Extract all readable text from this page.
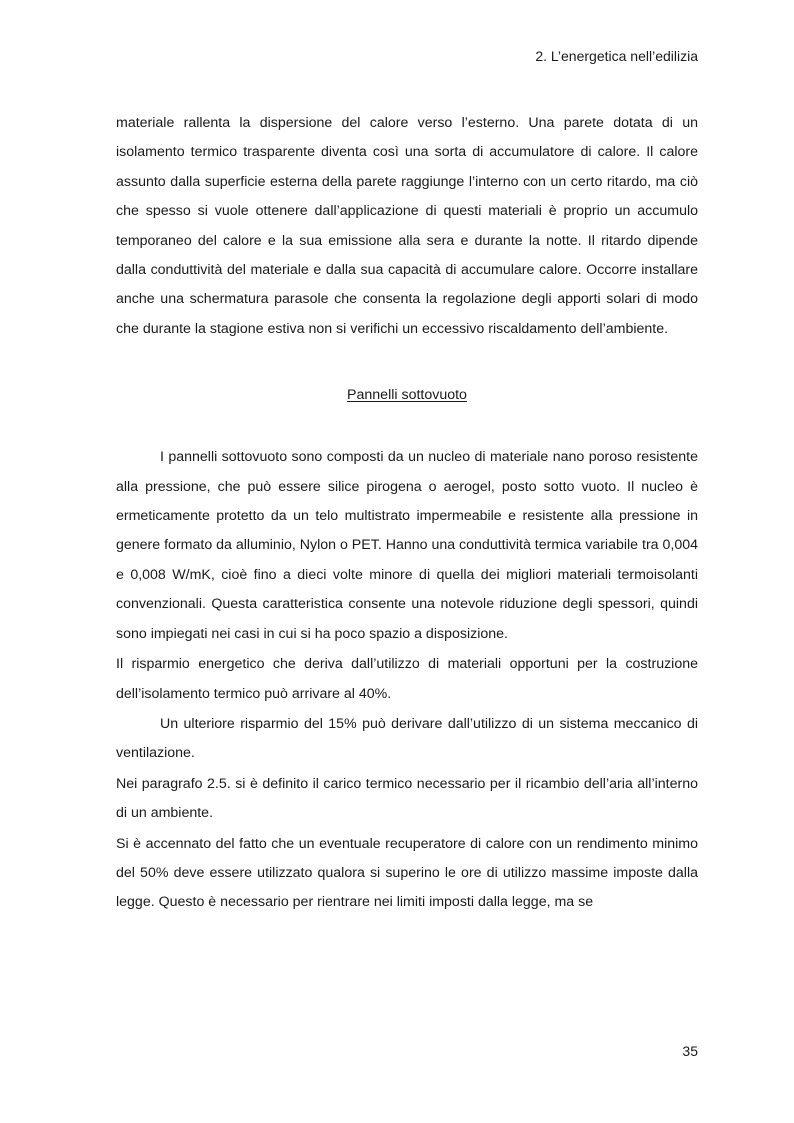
2. L’energetica nell’edilizia

materiale rallenta la dispersione del calore verso l’esterno. Una parete dotata di un isolamento termico trasparente diventa così una sorta di accumulatore di calore. Il calore assunto dalla superficie esterna della parete raggiunge l’interno con un certo ritardo, ma ciò che spesso si vuole ottenere dall’applicazione di questi materiali è proprio un accumulo temporaneo del calore e la sua emissione alla sera e durante la notte. Il ritardo dipende dalla conduttività del materiale e dalla sua capacità di accumulare calore. Occorre installare anche una schermatura parasole che consenta la regolazione degli apporti solari di modo che durante la stagione estiva non si verifichi un eccessivo riscaldamento dell’ambiente.

Pannelli sottovuoto

I pannelli sottovuoto sono composti da un nucleo di materiale nano poroso resistente alla pressione, che può essere silice pirogena o aerogel, posto sotto vuoto. Il nucleo è ermeticamente protetto da un telo multistrato impermeabile e resistente alla pressione in genere formato da alluminio, Nylon o PET. Hanno una conduttività termica variabile tra 0,004 e 0,008 W/mK, cioè fino a dieci volte minore di quella dei migliori materiali termoisolanti convenzionali. Questa caratteristica consente una notevole riduzione degli spessori, quindi sono impiegati nei casi in cui si ha poco spazio a disposizione.

Il risparmio energetico che deriva dall’utilizzo di materiali opportuni per la costruzione dell’isolamento termico può arrivare al 40%.

Un ulteriore risparmio del 15% può derivare dall’utilizzo di un sistema meccanico di ventilazione.

Nei paragrafo 2.5. si è definito il carico termico necessario per il ricambio dell’aria all’interno di un ambiente.

Si è accennato del fatto che un eventuale recuperatore di calore con un rendimento minimo del 50% deve essere utilizzato qualora si superino le ore di utilizzo massime imposte dalla legge. Questo è necessario per rientrare nei limiti imposti dalla legge, ma se

35
